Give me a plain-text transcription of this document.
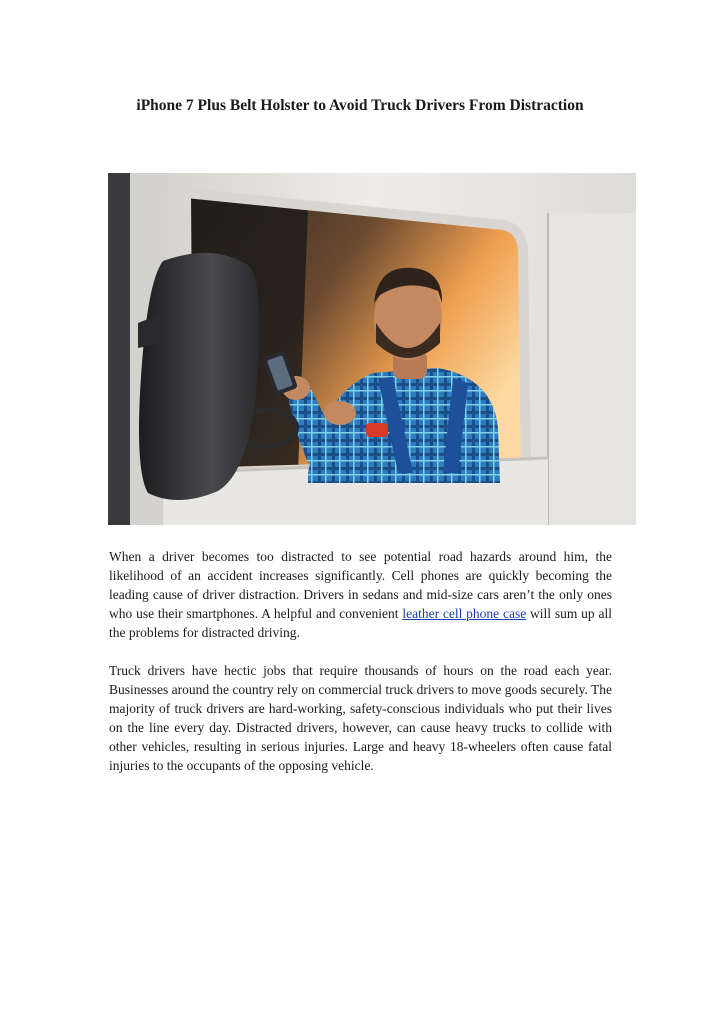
iPhone 7 Plus Belt Holster to Avoid Truck Drivers From Distraction

When a driver becomes too distracted to see potential road hazards around him, the likelihood of an accident increases significantly. Cell phones are quickly becoming the leading cause of driver distraction. Drivers in sedans and mid-size cars aren’t the only ones who use their smartphones. A helpful and convenient leather cell phone case will sum up all the problems for distracted driving.

Truck drivers have hectic jobs that require thousands of hours on the road each year. Businesses around the country rely on commercial truck drivers to move goods securely. The majority of truck drivers are hard-working, safety-conscious individuals who put their lives on the line every day. Distracted drivers, however, can cause heavy trucks to collide with other vehicles, resulting in serious injuries. Large and heavy 18-wheelers often cause fatal injuries to the occupants of the opposing vehicle.
